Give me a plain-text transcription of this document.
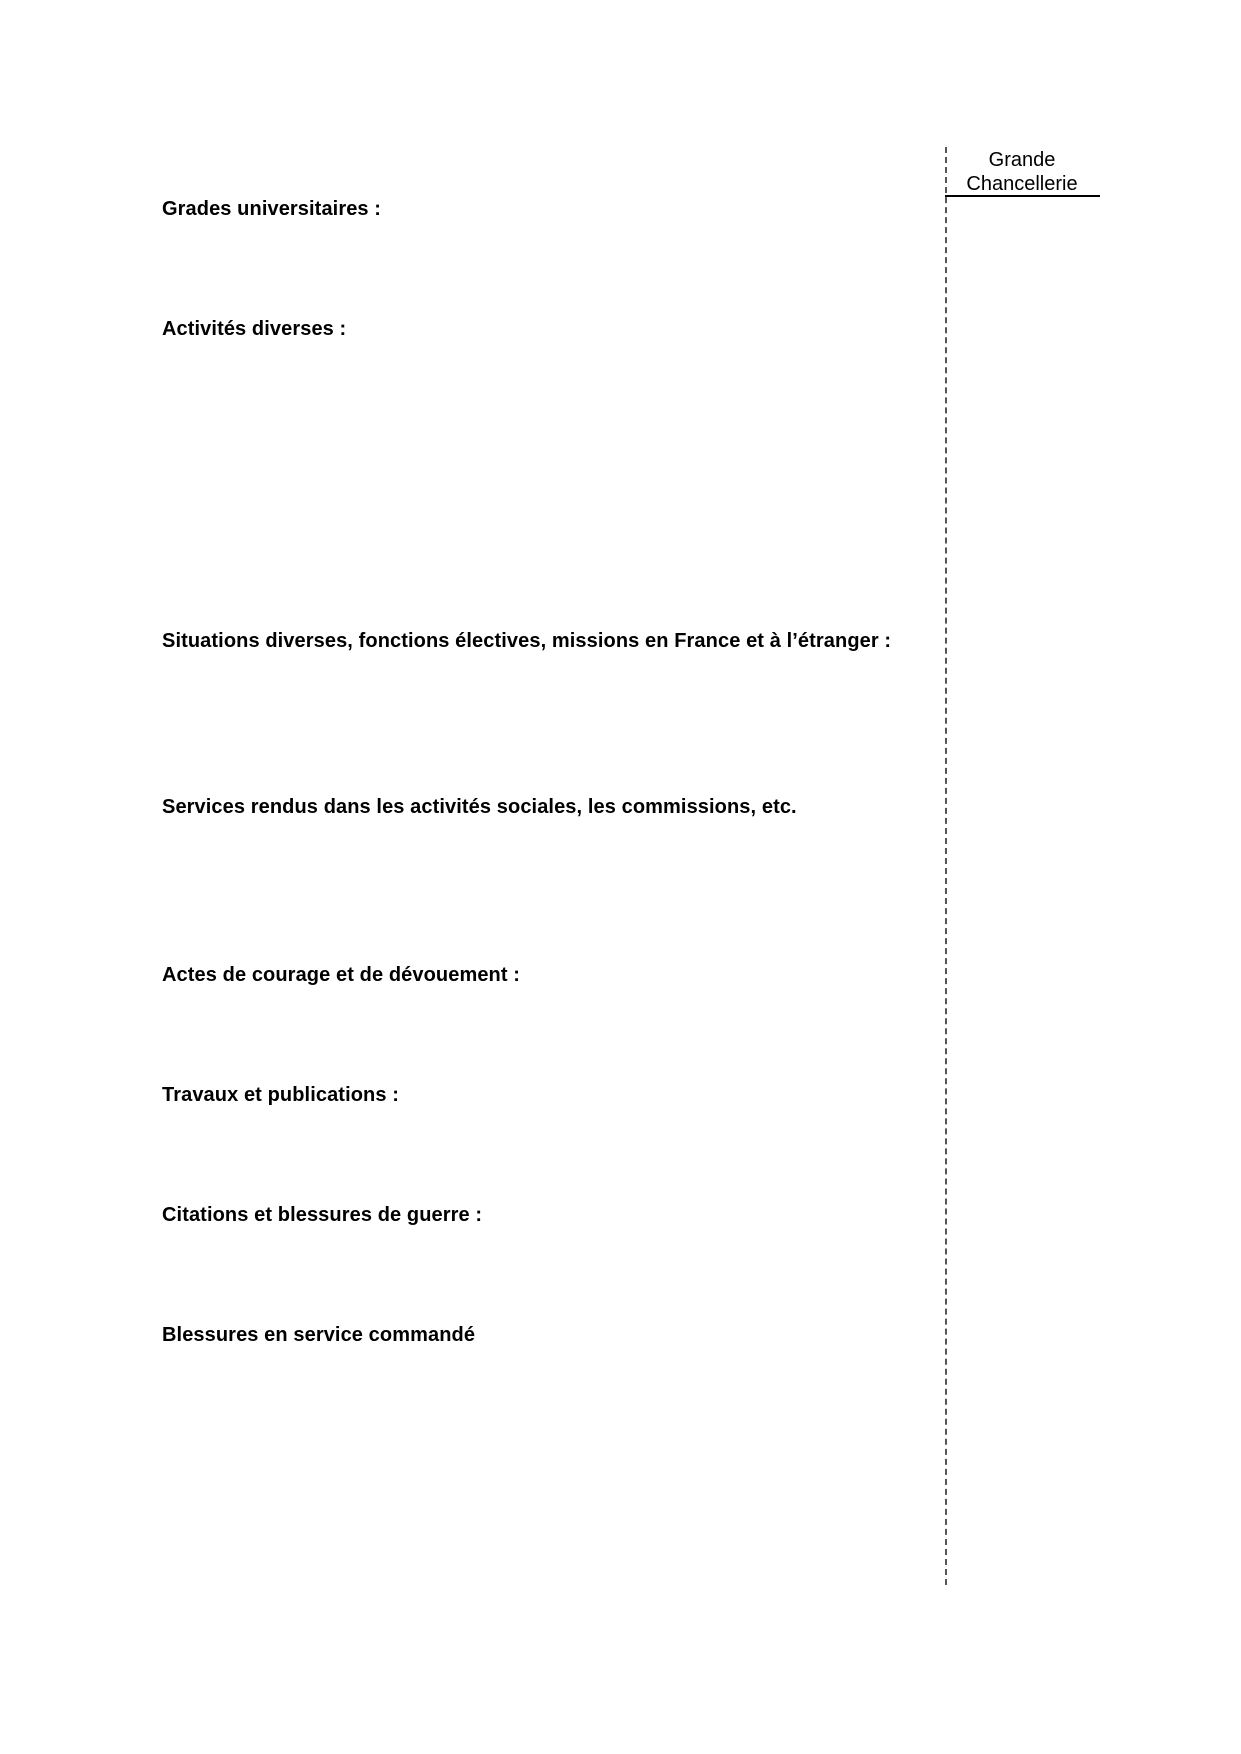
Grades universitaires :

Activités diverses :

Situations diverses, fonctions électives, missions en France et à l’étranger :

Services rendus dans les activités sociales, les commissions, etc.

Actes de courage et de dévouement :

Travaux et publications :

Citations et blessures de guerre :

Blessures en service commandé

Grande
Chancellerie
